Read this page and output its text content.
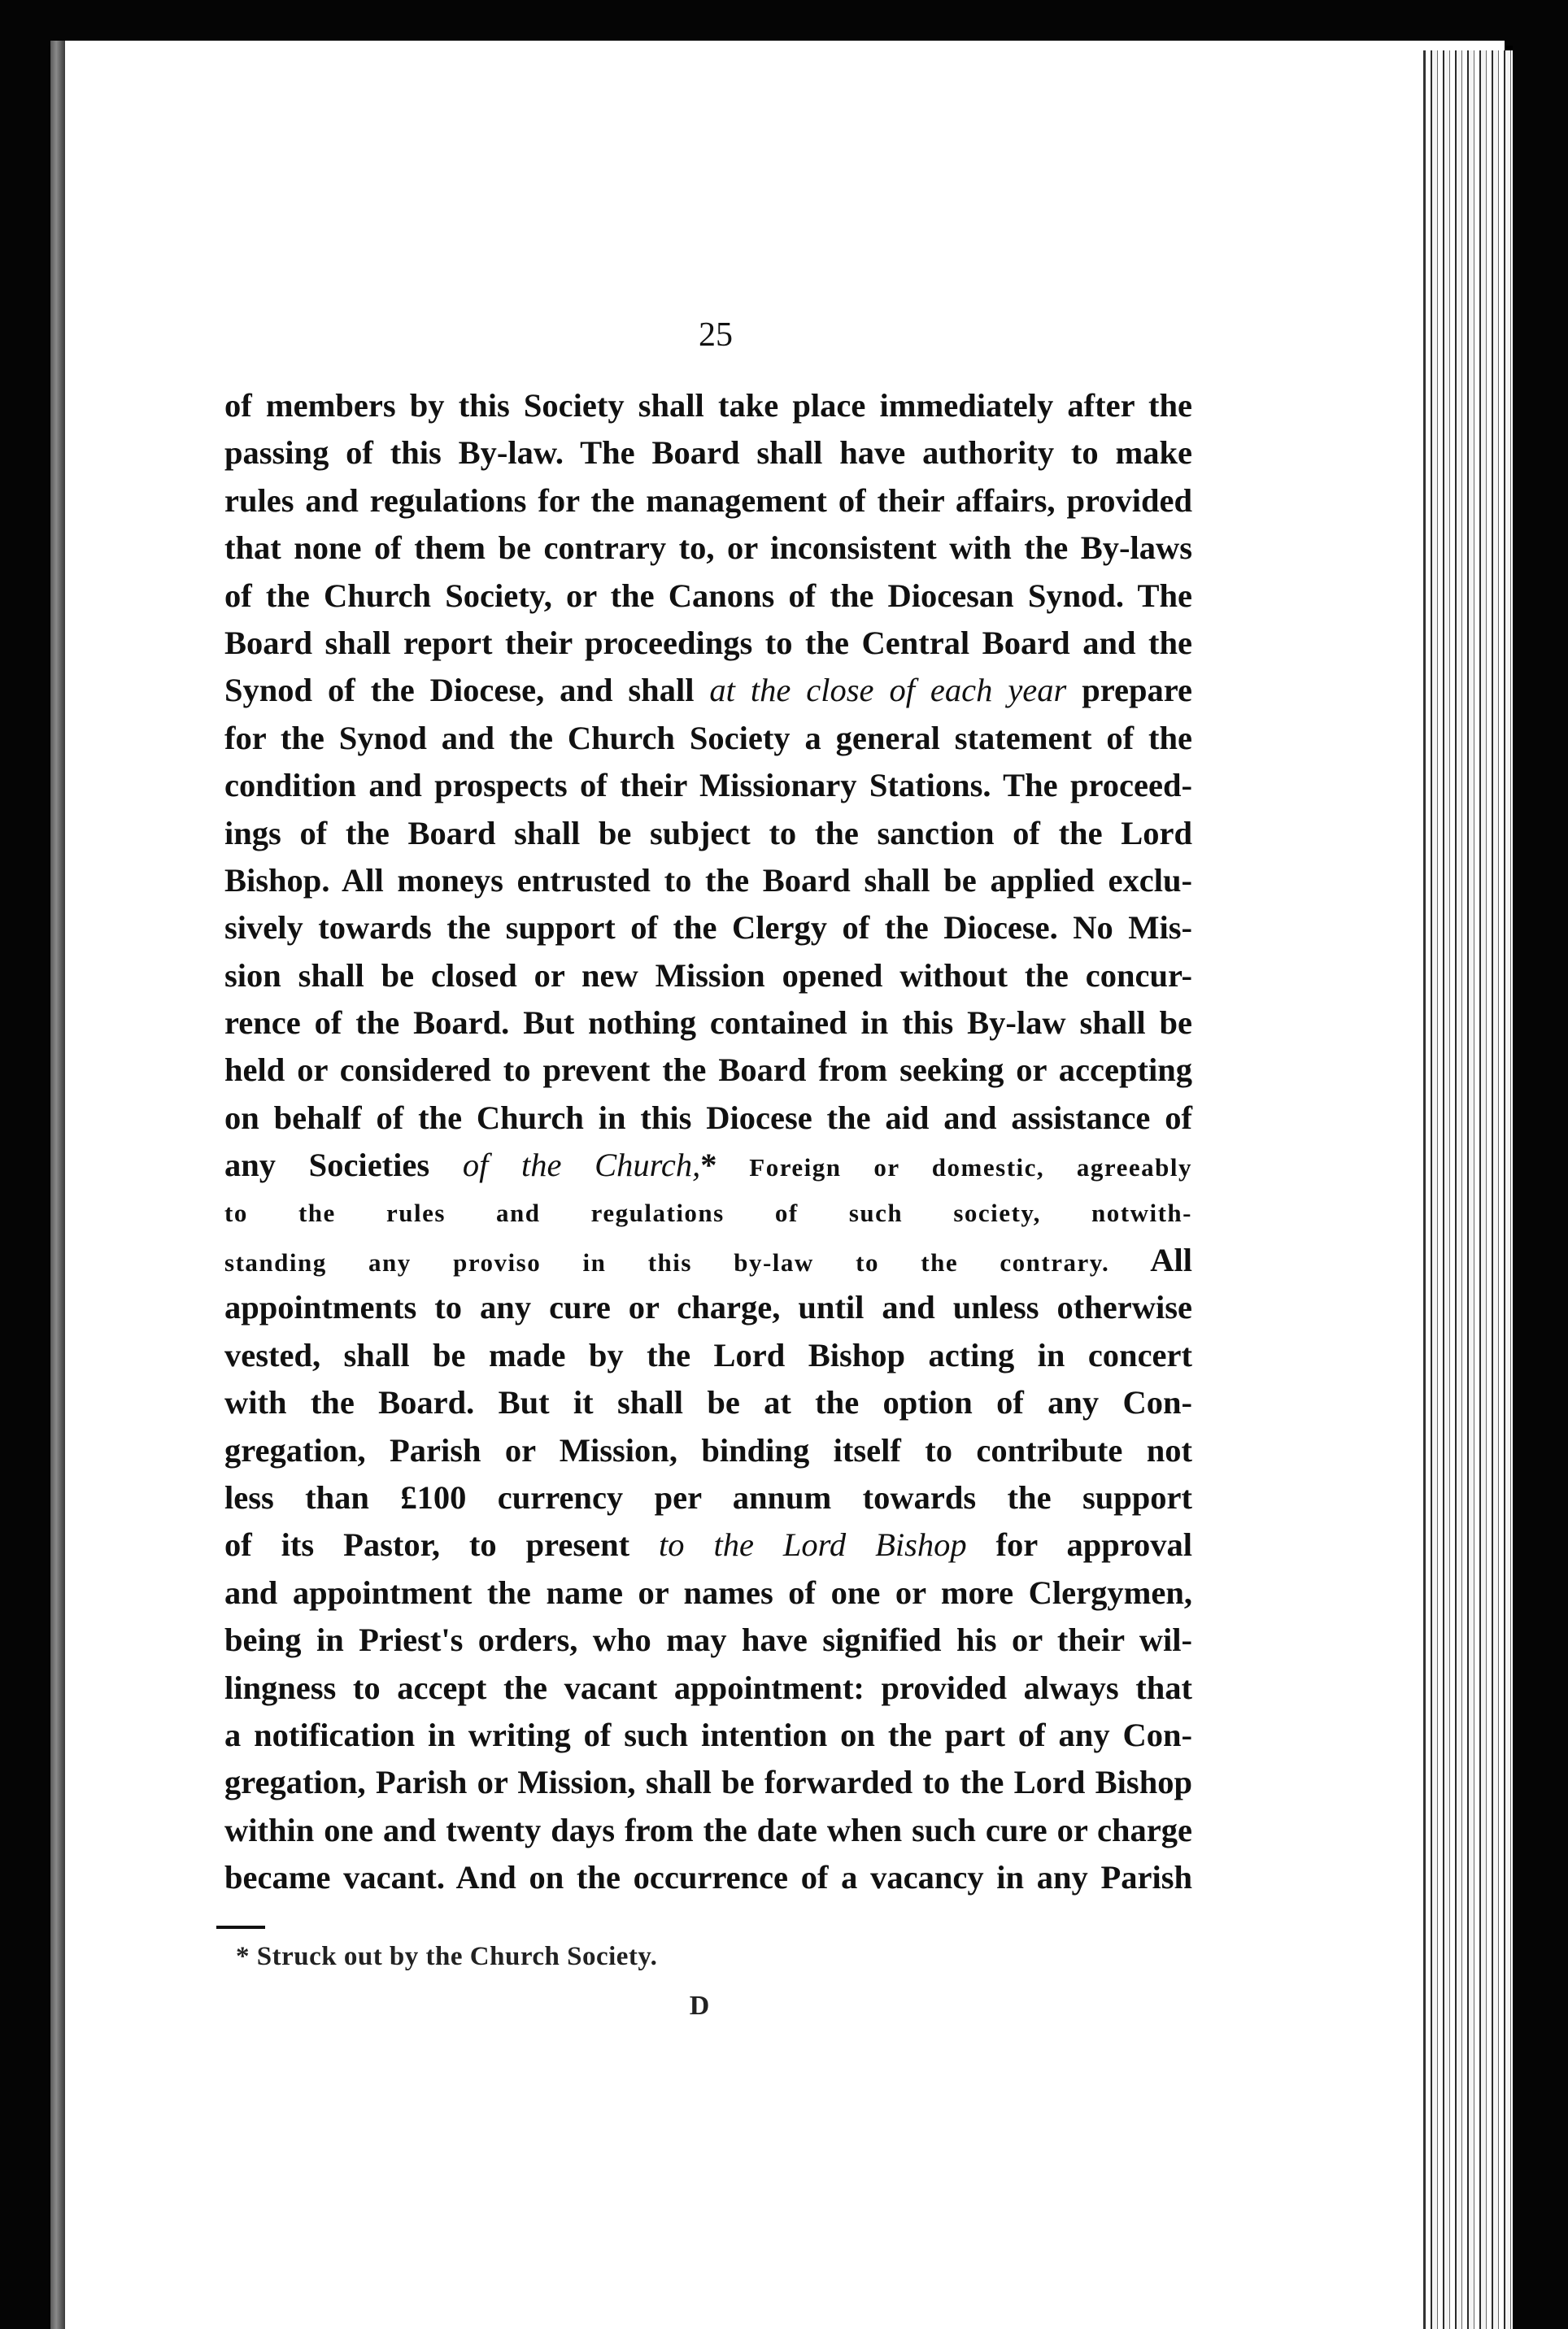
25
of members by this Society shall take place immediately after the
passing of this By-law. The Board shall have authority to make
rules and regulations for the management of their affairs, provided
that none of them be contrary to, or inconsistent with the By-laws
of the Church Society, or the Canons of the Diocesan Synod. The
Board shall report their proceedings to the Central Board and the
Synod of the Diocese, and shall at the close of each year prepare
for the Synod and the Church Society a general statement of the
condition and prospects of their Missionary Stations. The proceed-
ings of the Board shall be subject to the sanction of the Lord
Bishop. All moneys entrusted to the Board shall be applied exclu-
sively towards the support of the Clergy of the Diocese. No Mis-
sion shall be closed or new Mission opened without the concur-
rence of the Board. But nothing contained in this By-law shall be
held or considered to prevent the Board from seeking or accepting
on behalf of the Church in this Diocese the aid and assistance of
any Societies of the Church,* Foreign or domestic, agreeably
to the rules and regulations of such society, notwith-
standing any proviso in this by-law to the contrary. All
appointments to any cure or charge, until and unless otherwise
vested, shall be made by the Lord Bishop acting in concert
with the Board. But it shall be at the option of any Con-
gregation, Parish or Mission, binding itself to contribute not
less than £100 currency per annum towards the support
of its Pastor, to present to the Lord Bishop for approval
and appointment the name or names of one or more Clergymen,
being in Priest's orders, who may have signified his or their wil-
lingness to accept the vacant appointment: provided always that
a notification in writing of such intention on the part of any Con-
gregation, Parish or Mission, shall be forwarded to the Lord Bishop
within one and twenty days from the date when such cure or charge
became vacant. And on the occurrence of a vacancy in any Parish
* Struck out by the Church Society.
D
